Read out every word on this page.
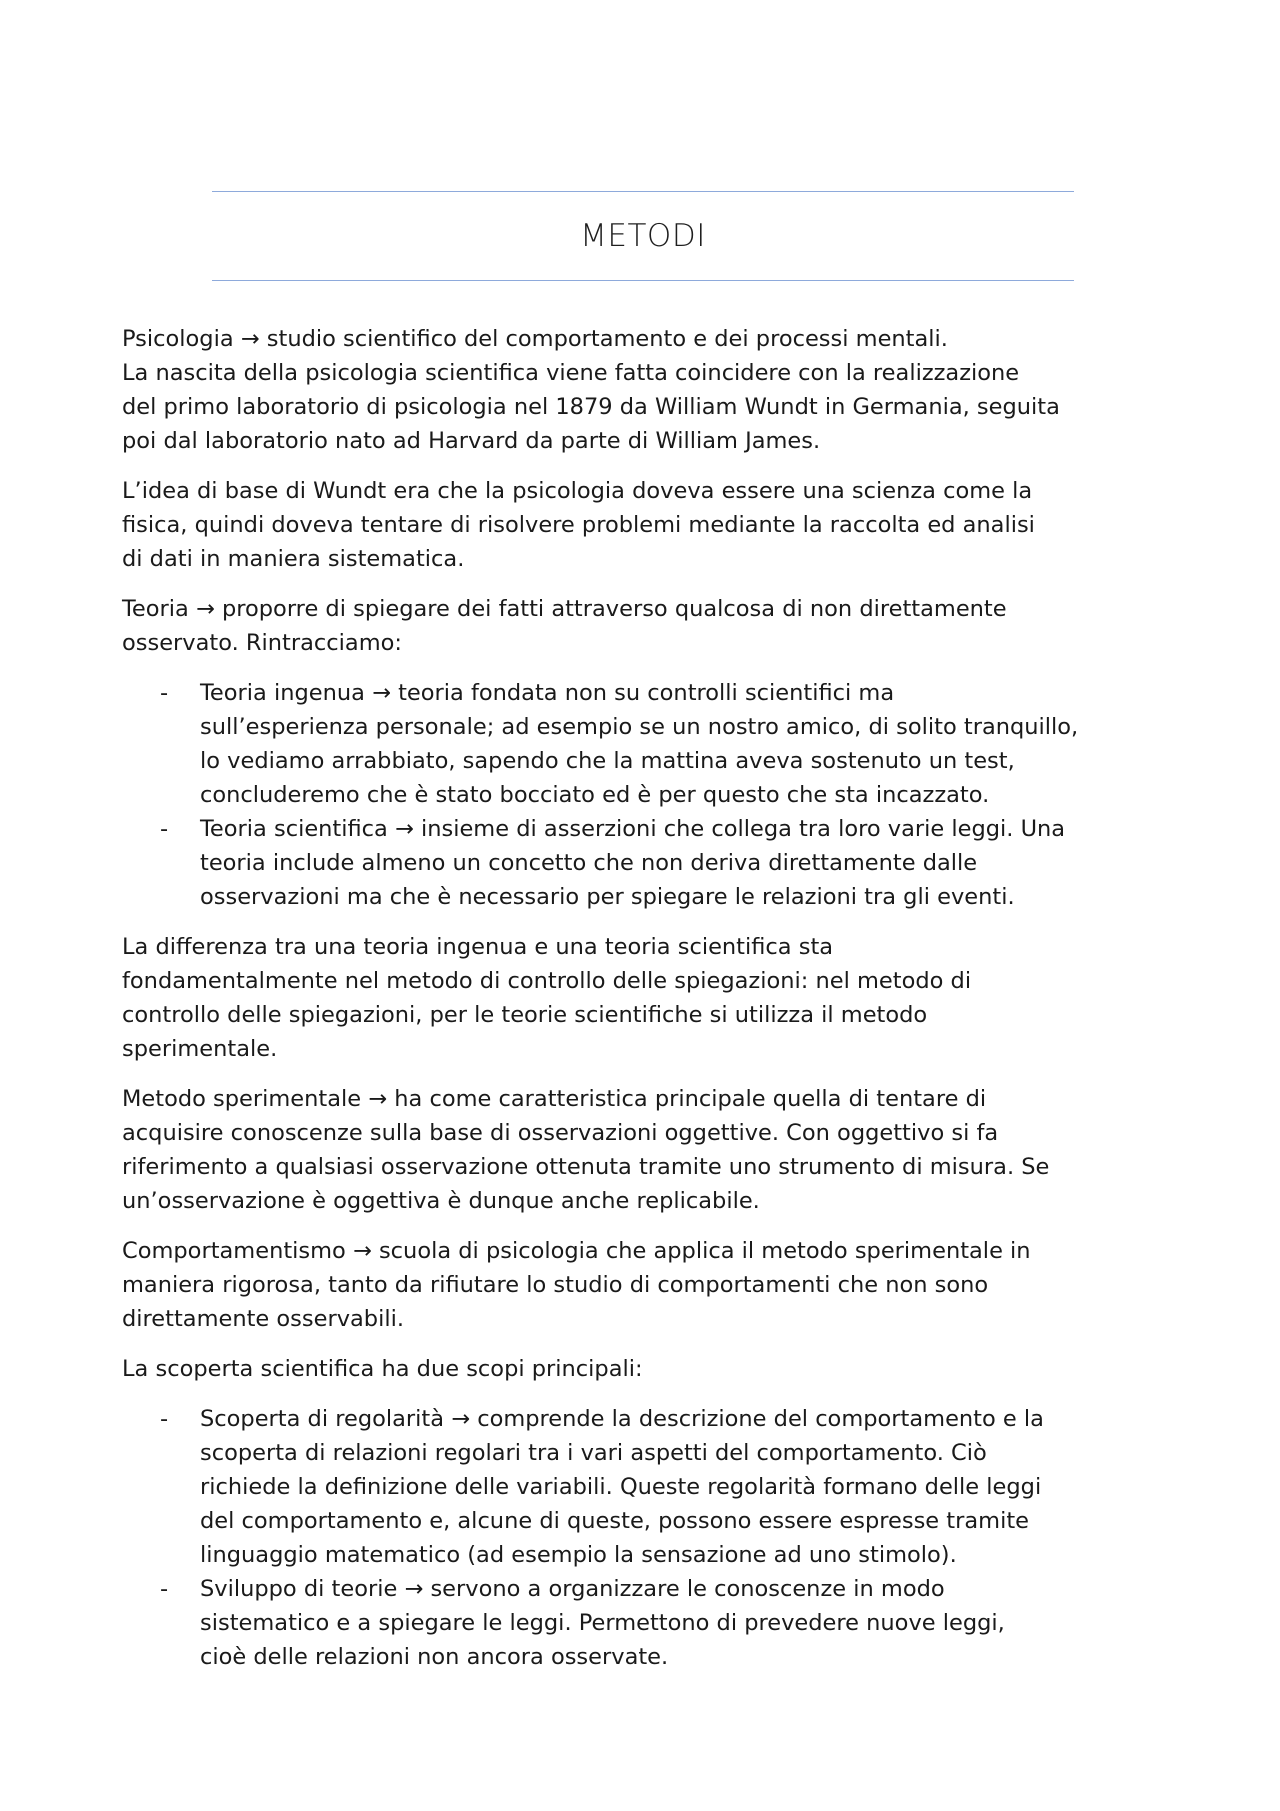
METODI
Psicologia → studio scientifico del comportamento e dei processi mentali.
La nascita della psicologia scientifica viene fatta coincidere con la realizzazione
del primo laboratorio di psicologia nel 1879 da William Wundt in Germania, seguita
poi dal laboratorio nato ad Harvard da parte di William James.
L’idea di base di Wundt era che la psicologia doveva essere una scienza come la
fisica, quindi doveva tentare di risolvere problemi mediante la raccolta ed analisi
di dati in maniera sistematica.
Teoria → proporre di spiegare dei fatti attraverso qualcosa di non direttamente
osservato. Rintracciamo:
- Teoria ingenua → teoria fondata non su controlli scientifici ma
sull’esperienza personale; ad esempio se un nostro amico, di solito tranquillo,
lo vediamo arrabbiato, sapendo che la mattina aveva sostenuto un test,
concluderemo che è stato bocciato ed è per questo che sta incazzato.
- Teoria scientifica → insieme di asserzioni che collega tra loro varie leggi. Una
teoria include almeno un concetto che non deriva direttamente dalle
osservazioni ma che è necessario per spiegare le relazioni tra gli eventi.
La differenza tra una teoria ingenua e una teoria scientifica sta
fondamentalmente nel metodo di controllo delle spiegazioni: nel metodo di
controllo delle spiegazioni, per le teorie scientifiche si utilizza il metodo
sperimentale.
Metodo sperimentale → ha come caratteristica principale quella di tentare di
acquisire conoscenze sulla base di osservazioni oggettive. Con oggettivo si fa
riferimento a qualsiasi osservazione ottenuta tramite uno strumento di misura. Se
un’osservazione è oggettiva è dunque anche replicabile.
Comportamentismo → scuola di psicologia che applica il metodo sperimentale in
maniera rigorosa, tanto da rifiutare lo studio di comportamenti che non sono
direttamente osservabili.
La scoperta scientifica ha due scopi principali:
- Scoperta di regolarità → comprende la descrizione del comportamento e la
scoperta di relazioni regolari tra i vari aspetti del comportamento. Ciò
richiede la definizione delle variabili. Queste regolarità formano delle leggi
del comportamento e, alcune di queste, possono essere espresse tramite
linguaggio matematico (ad esempio la sensazione ad uno stimolo).
- Sviluppo di teorie → servono a organizzare le conoscenze in modo
sistematico e a spiegare le leggi. Permettono di prevedere nuove leggi,
cioè delle relazioni non ancora osservate.
